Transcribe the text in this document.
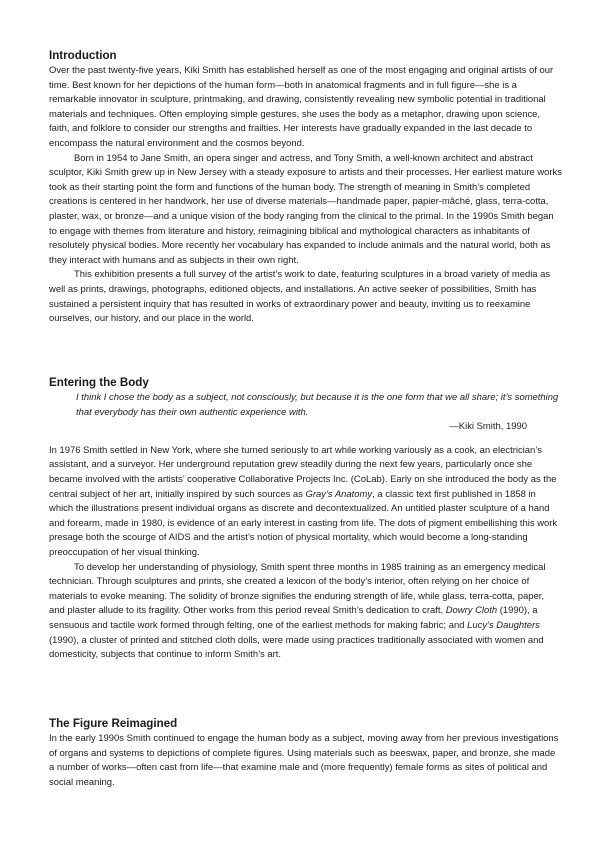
Introduction

Over the past twenty-five years, Kiki Smith has established herself as one of the most engaging and original artists of our time. Best known for her depictions of the human form—both in anatomical fragments and in full figure—she is a remarkable innovator in sculpture, printmaking, and drawing, consistently revealing new symbolic potential in traditional materials and techniques. Often employing simple gestures, she uses the body as a metaphor, drawing upon science, faith, and folklore to consider our strengths and frailties. Her interests have gradually expanded in the last decade to encompass the natural environment and the cosmos beyond.

Born in 1954 to Jane Smith, an opera singer and actress, and Tony Smith, a well-known architect and abstract sculptor, Kiki Smith grew up in New Jersey with a steady exposure to artists and their processes. Her earliest mature works took as their starting point the form and functions of the human body. The strength of meaning in Smith’s completed creations is centered in her handwork, her use of diverse materials—handmade paper, papier-mâché, glass, terra-cotta, plaster, wax, or bronze—and a unique vision of the body ranging from the clinical to the primal. In the 1990s Smith began to engage with themes from literature and history, reimagining biblical and mythological characters as inhabitants of resolutely physical bodies. More recently her vocabulary has expanded to include animals and the natural world, both as they interact with humans and as subjects in their own right.

This exhibition presents a full survey of the artist’s work to date, featuring sculptures in a broad variety of media as well as prints, drawings, photographs, editioned objects, and installations. An active seeker of possibilities, Smith has sustained a persistent inquiry that has resulted in works of extraordinary power and beauty, inviting us to reexamine ourselves, our history, and our place in the world.

Entering the Body
I think I chose the body as a subject, not consciously, but because it is the one form that we all share; it’s something that everybody has their own authentic experience with.
—Kiki Smith, 1990

In 1976 Smith settled in New York, where she turned seriously to art while working variously as a cook, an electrician’s assistant, and a surveyor. Her underground reputation grew steadily during the next few years, particularly once she became involved with the artists’ cooperative Collaborative Projects Inc. (CoLab). Early on she introduced the body as the central subject of her art, initially inspired by such sources as Gray’s Anatomy, a classic text first published in 1858 in which the illustrations present individual organs as discrete and decontextualized. An untitled plaster sculpture of a hand and forearm, made in 1980, is evidence of an early interest in casting from life. The dots of pigment embellishing this work presage both the scourge of AIDS and the artist’s notion of physical mortality, which would become a long-standing preoccupation of her visual thinking.

To develop her understanding of physiology, Smith spent three months in 1985 training as an emergency medical technician. Through sculptures and prints, she created a lexicon of the body’s interior, often relying on her choice of materials to evoke meaning. The solidity of bronze signifies the enduring strength of life, while glass, terra-cotta, paper, and plaster allude to its fragility. Other works from this period reveal Smith’s dedication to craft. Dowry Cloth (1990), a sensuous and tactile work formed through felting, one of the earliest methods for making fabric; and Lucy’s Daughters (1990), a cluster of printed and stitched cloth dolls, were made using practices traditionally associated with women and domesticity, subjects that continue to inform Smith’s art.

The Figure Reimagined

In the early 1990s Smith continued to engage the human body as a subject, moving away from her previous investigations of organs and systems to depictions of complete figures. Using materials such as beeswax, paper, and bronze, she made a number of works—often cast from life—that examine male and (more frequently) female forms as sites of political and social meaning.
